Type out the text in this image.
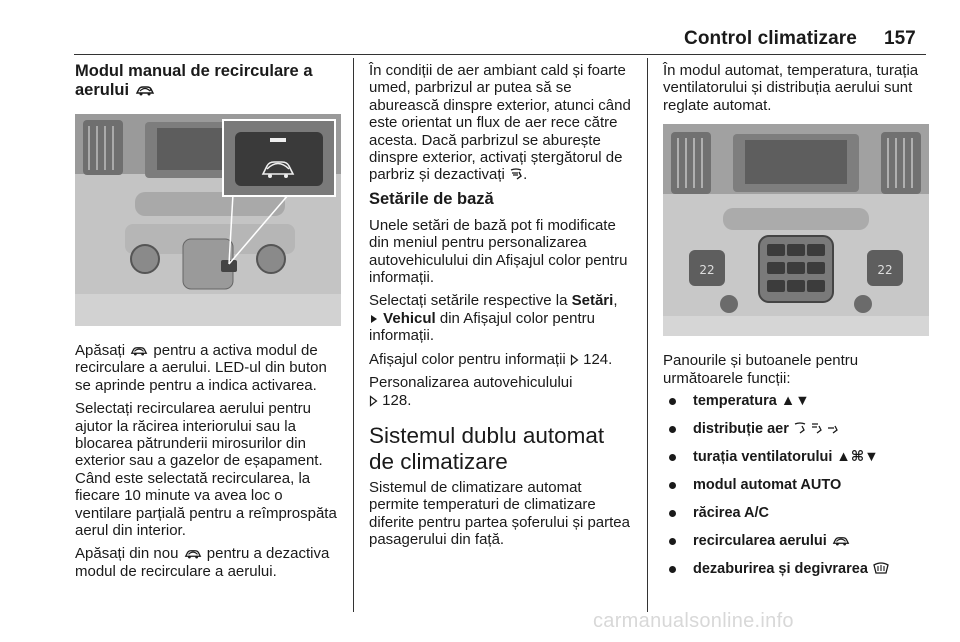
Control climatizare 157
Modul manual de recirculare a
aerului

Apăsați pentru a activa modul de recirculare a aerului. LED-ul din buton se aprinde pentru a indica activarea.

Selectați recircularea aerului pentru ajutor la răcirea interiorului sau la blocarea pătrunderii mirosurilor din exterior sau a gazelor de eșapament. Când este selectată recircularea, la fiecare 10 minute va avea loc o ventilare parțială pentru a reîmprospăta aerul din interior.

Apăsați din nou pentru a dezactiva modul de recirculare a aerului.

În condiții de aer ambiant cald și foarte umed, parbrizul ar putea să se aburească dinspre exterior, atunci când este orientat un flux de aer rece către acesta. Dacă parbrizul se aburește dinspre exterior, activați ștergătorul de parbriz și dezactivați .

Setările de bază

Unele setări de bază pot fi modificate din meniul pentru personalizarea autovehiculului din Afișajul color pentru informații.

Selectați setările respective la Setări,
Vehicul din Afișajul color pentru informații.

Afișajul color pentru informații 124.

Personalizarea autovehiculului
128.

Sistemul dublu automat de climatizare

Sistemul de climatizare automat permite temperaturi de climatizare diferite pentru partea șoferului și partea pasagerului din față.

În modul automat, temperatura, turația ventilatorului și distribuția aerului sunt reglate automat.

22	22

Panourile și butoanele pentru următoarele funcții:

temperatura ▲▼
distribuție aer
turația ventilatorului ▲⌘▼
modul automat AUTO
răcirea A/C
recircularea aerului
dezaburirea și degivrarea
carmanualsonline.info
